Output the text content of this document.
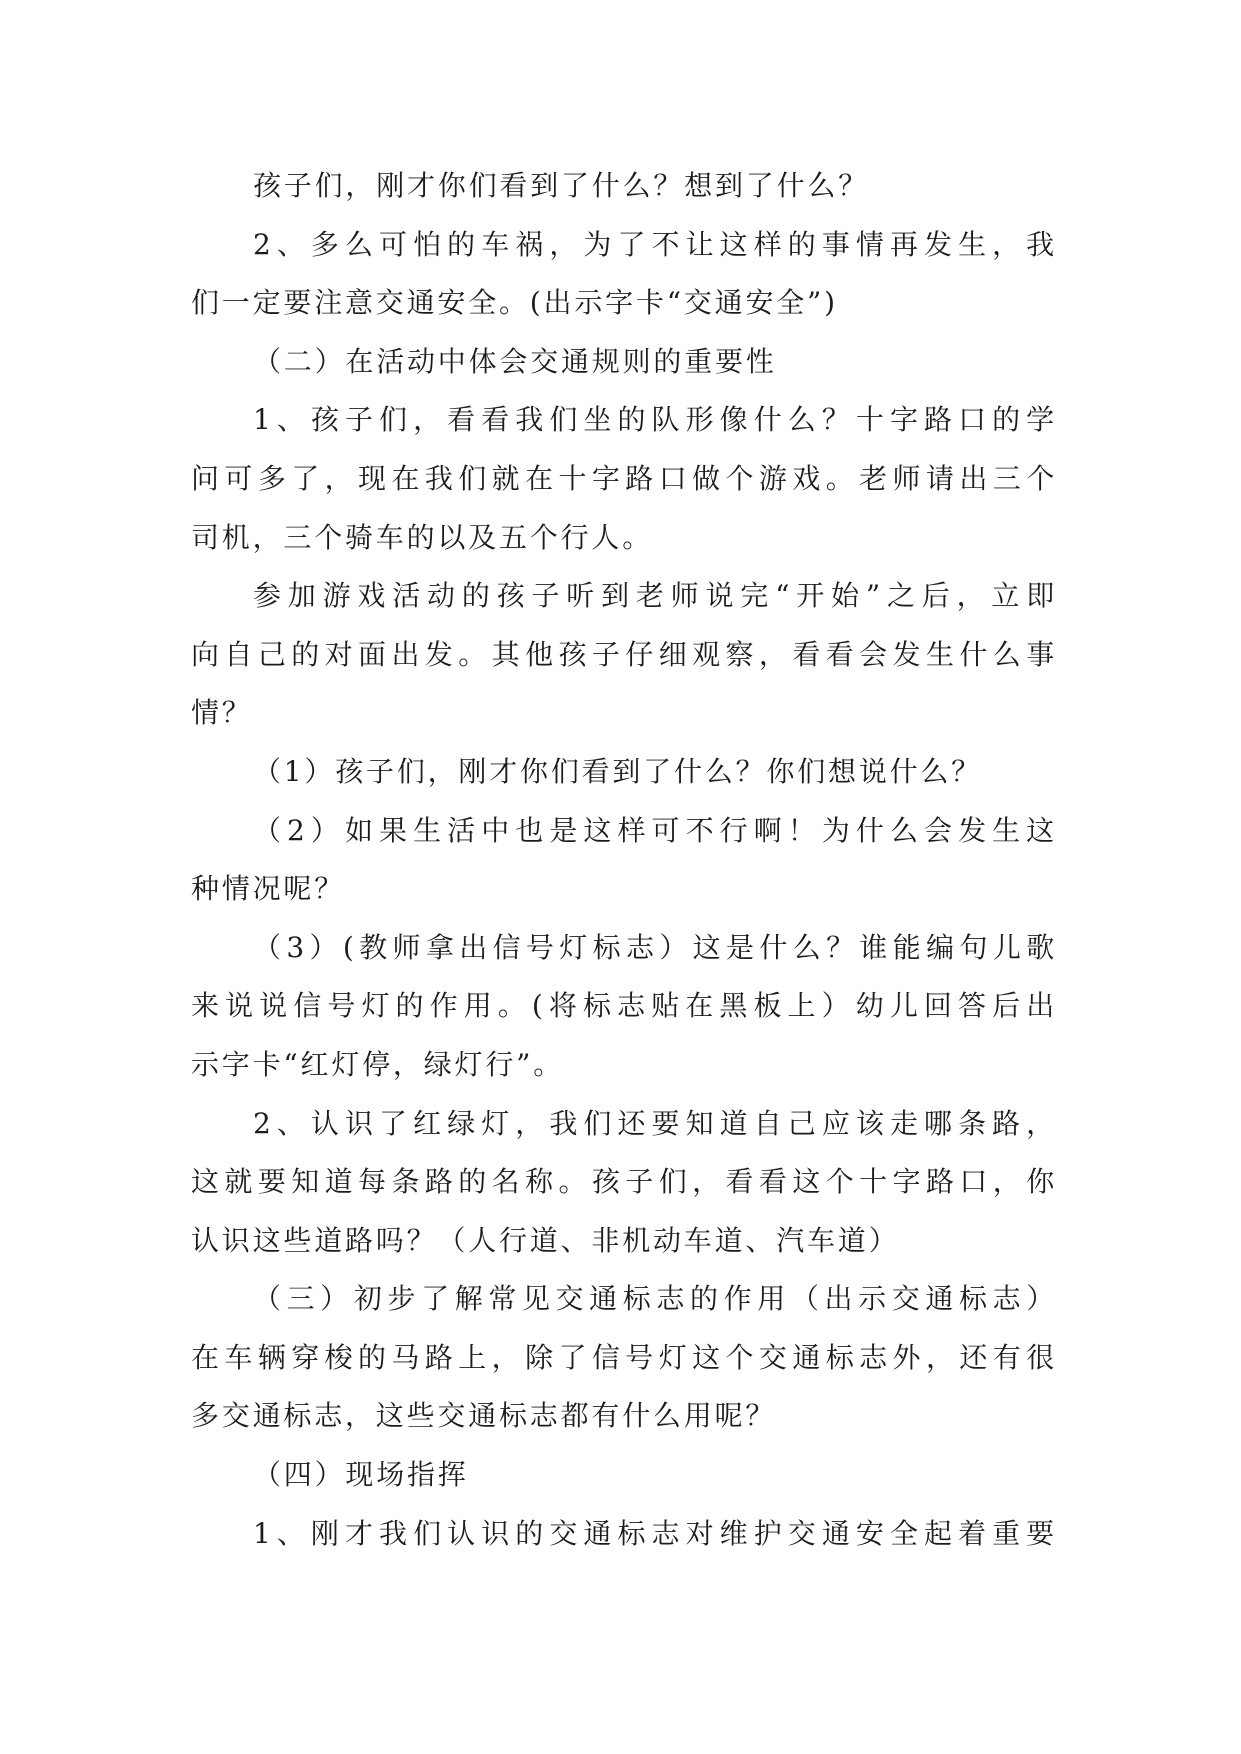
孩子们，刚才你们看到了什么？想到了什么？
2、多么可怕的车祸，为了不让这样的事情再发生，我
们一定要注意交通安全。(出示字卡“交通安全”)
（二）在活动中体会交通规则的重要性
1、孩子们，看看我们坐的队形像什么？十字路口的学
问可多了，现在我们就在十字路口做个游戏。老师请出三个
司机，三个骑车的以及五个行人。
参加游戏活动的孩子听到老师说完“开始”之后，立即
向自己的对面出发。其他孩子仔细观察，看看会发生什么事
情？
（1）孩子们，刚才你们看到了什么？你们想说什么？
（2）如果生活中也是这样可不行啊！为什么会发生这
种情况呢？
（3）(教师拿出信号灯标志）这是什么？谁能编句儿歌
来说说信号灯的作用。(将标志贴在黑板上）幼儿回答后出
示字卡“红灯停，绿灯行”。
2、认识了红绿灯，我们还要知道自己应该走哪条路，
这就要知道每条路的名称。孩子们，看看这个十字路口，你
认识这些道路吗？（人行道、非机动车道、汽车道）
（三）初步了解常见交通标志的作用（出示交通标志）
在车辆穿梭的马路上，除了信号灯这个交通标志外，还有很
多交通标志，这些交通标志都有什么用呢？
（四）现场指挥
1、刚才我们认识的交通标志对维护交通安全起着重要
